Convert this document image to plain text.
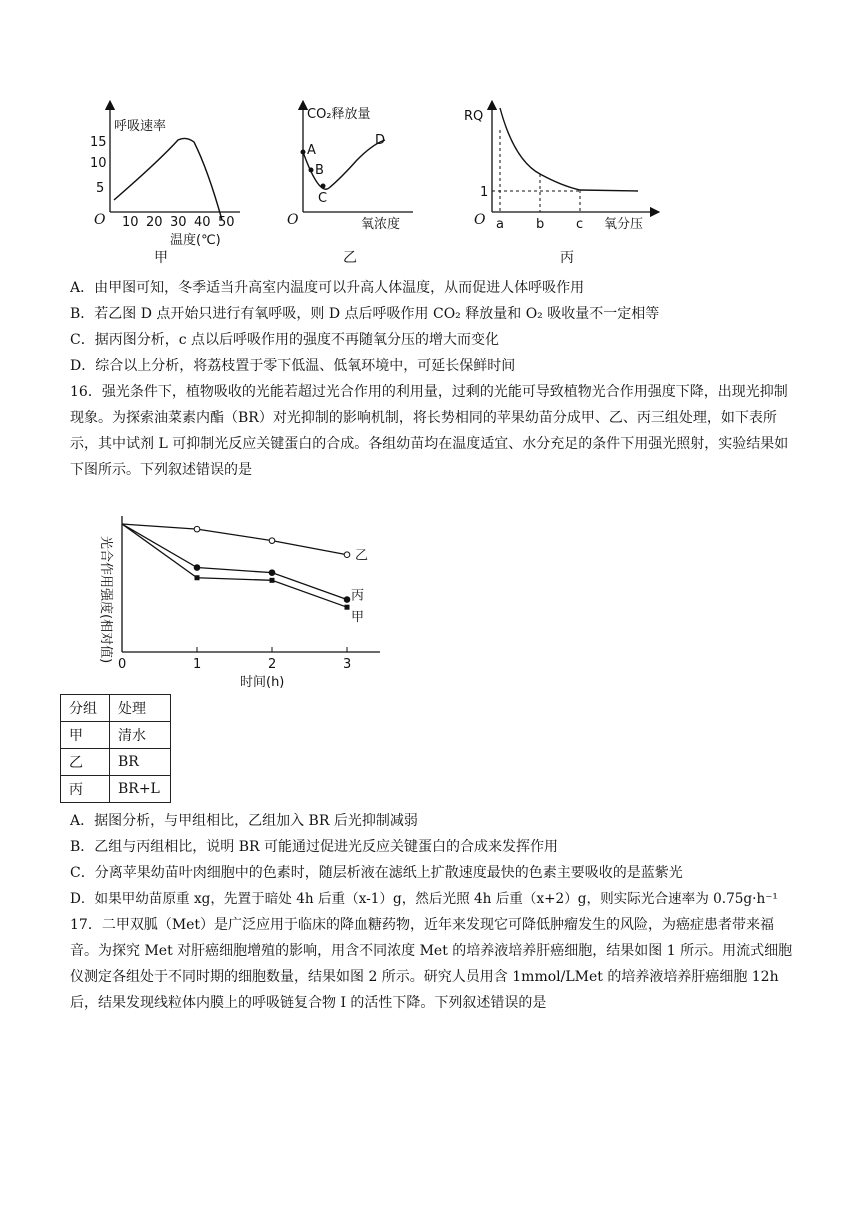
呼吸速率
15
10
5
O 10 20 30 40 50
温度(℃)
甲
CO₂释放量
A
B
C
D
O	氧浓度
乙
RQ
1
O a b c 氧分压
丙
A．由甲图可知，冬季适当升高室内温度可以升高人体温度，从而促进人体呼吸作用
B．若乙图 D 点开始只进行有氧呼吸，则 D 点后呼吸作用 CO₂ 释放量和 O₂ 吸收量不一定相等
C．据丙图分析，c 点以后呼吸作用的强度不再随氧分压的增大而变化
D．综合以上分析，将荔枝置于零下低温、低氧环境中，可延长保鲜时间
16．强光条件下，植物吸收的光能若超过光合作用的利用量，过剩的光能可导致植物光合作用强度下降，出现光抑制现象。为探索油菜素内酯（BR）对光抑制的影响机制，将长势相同的苹果幼苗分成甲、乙、丙三组处理，如下表所示，其中试剂 L 可抑制光反应关键蛋白的合成。各组幼苗均在温度适宜、水分充足的条件下用强光照射，实验结果如下图所示。下列叙述错误的是
光合作用强度(相对值)
0	1	2	3
时间(h)
乙
丙
甲
分组	处理
甲	清水
乙	BR
丙	BR+L
A．据图分析，与甲组相比，乙组加入 BR 后光抑制减弱
B．乙组与丙组相比，说明 BR 可能通过促进光反应关键蛋白的合成来发挥作用
C．分离苹果幼苗叶肉细胞中的色素时，随层析液在滤纸上扩散速度最快的色素主要吸收的是蓝紫光
D．如果甲幼苗原重 xg，先置于暗处 4h 后重（x-1）g，然后光照 4h 后重（x+2）g，则实际光合速率为 0.75g·h⁻¹
17．二甲双胍（Met）是广泛应用于临床的降血糖药物，近年来发现它可降低肿瘤发生的风险，为癌症患者带来福音。为探究 Met 对肝癌细胞增殖的影响，用含不同浓度 Met 的培养液培养肝癌细胞，结果如图 1 所示。用流式细胞仪测定各组处于不同时期的细胞数量，结果如图 2 所示。研究人员用含 1mmol/LMet 的培养液培养肝癌细胞 12h 后，结果发现线粒体内膜上的呼吸链复合物 I 的活性下降。下列叙述错误的是
